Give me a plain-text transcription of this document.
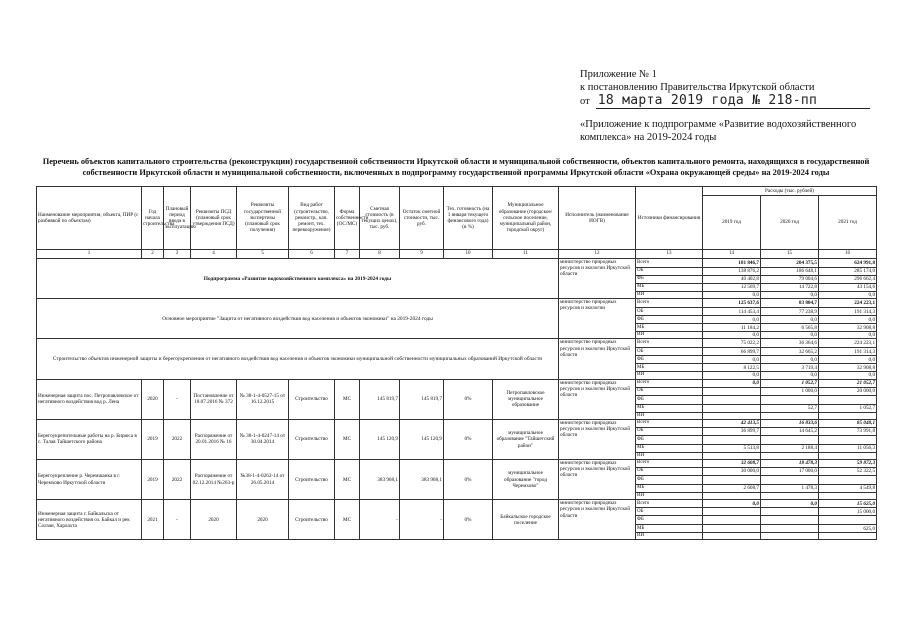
Приложение № 1
к постановлению Правительства Иркутской области
от 18 марта 2019 года № 218-пп
«Приложение к подпрограмме «Развитие водохозяйственного комплекса» на 2019-2024 годы
Перечень объектов капитального строительства (реконструкции) государственной собственности Иркутской области и муниципальной собственности, объектов капитального ремонта, находящихся в государственной собственности Иркутской области и муниципальной собственности, включенных в подпрограмму государственной программы Иркутской области «Охрана окружающей среды» на 2019-2024 годы
Наименование мероприятия, объекта, ПИР (с разбивкой по объектам)	Год начала строительства	Плановый период ввода в эксплуатацию	Реквизиты ПСД (плановый срок утверждения ПСД)	Реквизиты государственной экспертизы (плановый срок получения)	Вид работ (строительство, реконстр., кап. ремонт, тех. перевооружение)	Форма собственности (ОС/МС)	Сметная стоимость (в текущих ценах), тыс. руб.	Остаток сметной стоимости, тыс. руб.	Тех. готовность (на 1 января текущего финансового года) (в %)	Муниципальное образование (городское/сельское поселение, муниципальный район, городской округ)	Исполнитель (наименование ИОГВ)	Источники финансирования	Расходы (тыс. рублей)		
													2019 год	2020 год	2021 год
1	2	3	4	5	6	7	8	9	10	11	12	13	14	15	16
Подпрограмма «Развитие водохозяйственного комплекса» на 2019-2024 годы											министерство природных ресурсов и экологии Иркутской области	Всего	181 846,7	204 375,5	624 991,8
												ОБ	138 876,2	186 648,1	285 174,0
												ФБ	40 402,8	79 004,6	296 662,4
												МБ	12 569,7	14 722,8	43 154,6
												ИИ	0,0	0,0	0,0
Основное мероприятие "Защита от негативного воздействия вод населения и объектов экономики" на 2019-2024 годы											министерство природных ресурсов и экологии	Всего	125 637,6	83 804,7	224 223,1
												ОБ	114 453,4	77 238,9	191 314,3
												ФБ	0,0	0,0	0,0
												МБ	11 184,2	6 565,8	32 908,8
												ИИ	0,0	0,0	0,0
Строительство объектов инженерной защиты и берегоукрепления от негативного воздействия вод населения и объектов экономики муниципальной собственности муниципальных образований Иркутской области											министерство природных ресурсов и экологии Иркутской области	Всего	75 022,2	36 364,6	224 223,1
												ОБ	66 899,7	32 665,2	191 314,3
												ФБ	0,0	0,0	0,0
												МБ	8 122,5	3 719,4	32 908,8
												ИИ	0,0	0,0	0,0
Инженерная защита пос. Петропавловское от негативного воздействия вод р. Лена	2020	-	Постановление от 18.07.2016 № 372	№ 38-1-4-0527-15 от 16.12.2015	Строительство	МС	145 819,7	145 819,7	0%	Петропавловское муниципальное образование	министерство природных ресурсов и экологии Иркутской области	Всего	0,0	1 052,7	21 052,7
												ОБ		1 000,0	20 000,0
												ФБ			
												МБ		52,7	1 052,7
												ИИ			
Берегоукрепительные работы на р. Бирюса в с. Талая Тайшетского района	2019	2022	Распоряжение от 20.01.2016 № 16	№ 38-1-4-0247-14 от 30.04.2014	Строительство	МС	145 120,9	145 120,9	0%	муниципальное образование "Тайшетский район"	министерство природных ресурсов и экологии Иркутской области	Всего	42 413,5	16 833,6	85 048,1
												ОБ	36 899,7	14 645,2	73 991,8
												ФБ			
												МБ	5 513,8	2 188,4	11 056,3
												ИИ			
Берегоукрепление р. Черемшанка в г. Черемхово Иркутской области	2019	2022	Распоряжение от 02.12.2014 №263-р	№38-1-4-0262-14 от 26.05.2014	Строительство	МС	383 968,1	383 968,1	0%	муниципальное образование "город Черемхово"	министерство природных ресурсов и экологии Иркутской области	Всего	32 608,7	18 478,3	59 872,3
												ОБ	30 000,0	17 000,0	52 322,5
												ФБ			
												МБ	2 608,7	1 478,3	4 549,8
												ИИ			
Инженерная защита г. Байкальска от негативного воздействия оз. Байкал и рек Солзан, Харлахта	2021	-	2020	2020	Строительство	МС	-	-	0%	Байкальское городское поселение	министерство природных ресурсов и экологии Иркутской области	Всего	0,0	0,0	15 625,0
												ОБ			15 000,0
												ФБ			
												МБ			625,0
												ИИ			
